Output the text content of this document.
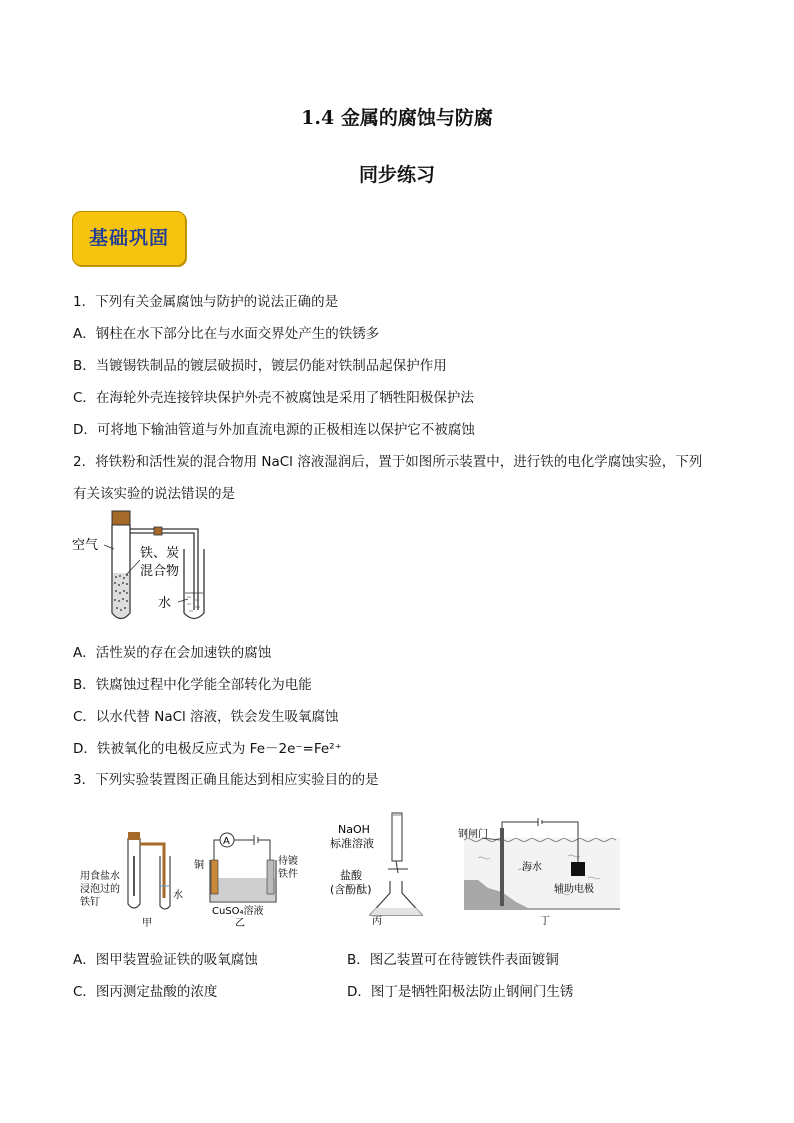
1.4 金属的腐蚀与防腐
同步练习
基础巩固
1．下列有关金属腐蚀与防护的说法正确的是
A．钢柱在水下部分比在与水面交界处产生的铁锈多
B．当镀锡铁制品的镀层破损时，镀层仍能对铁制品起保护作用
C．在海轮外壳连接锌块保护外壳不被腐蚀是采用了牺牲阳极保护法
D．可将地下输油管道与外加直流电源的正极相连以保护它不被腐蚀
2．将铁粉和活性炭的混合物用 NaCl 溶液湿润后，置于如图所示装置中，进行铁的电化学腐蚀实验，下列
有关该实验的说法错误的是
空气
铁、炭
混合物
水
A．活性炭的存在会加速铁的腐蚀
B．铁腐蚀过程中化学能全部转化为电能
C．以水代替 NaCl 溶液，铁会发生吸氧腐蚀
D．铁被氧化的电极反应式为 Fe－2e⁻=Fe²⁺
3．下列实验装置图正确且能达到相应实验目的的是
用食盐水
浸泡过的
铁钉
水
甲
A
铜	待镀
铁件
CuSO₄溶液
乙
NaOH
标准溶液
盐酸
(含酚酞)
丙
钢闸门
海水
辅助电极
丁
A．图甲装置验证铁的吸氧腐蚀	B．图乙装置可在待镀铁件表面镀铜
C．图丙测定盐酸的浓度	D．图丁是牺牲阳极法防止钢闸门生锈
